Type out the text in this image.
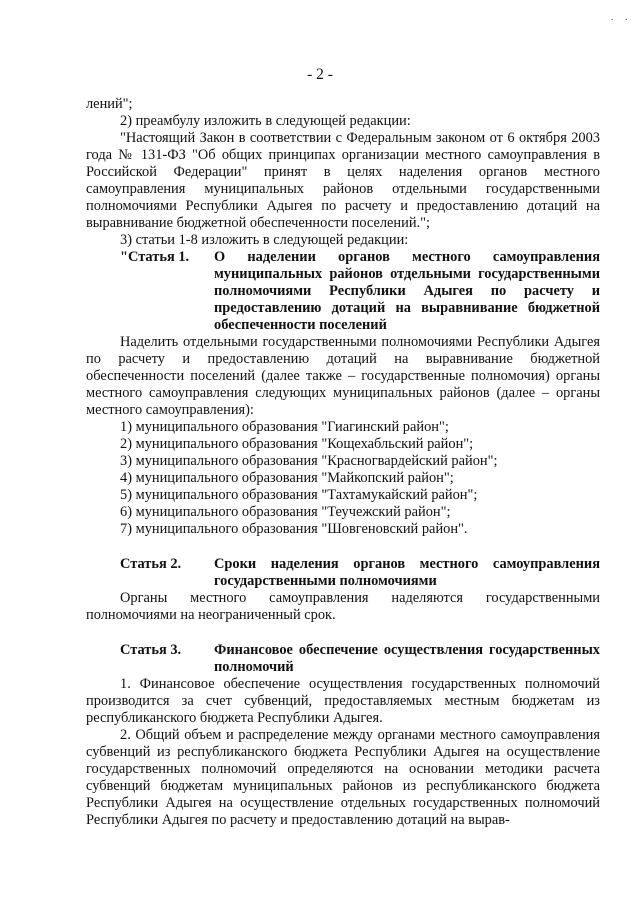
· ·
- 2 -

лений";

2) преамбулу изложить в следующей редакции:

"Настоящий Закон в соответствии с Федеральным законом от 6 октября 2003 года № 131-ФЗ "Об общих принципах организации местного самоуправления в Российской Федерации" принят в целях наделения органов местного самоуправления муниципальных районов отдельными государственными полномочиями Республики Адыгея по расчету и предоставлению дотаций на выравнивание бюджетной обеспеченности поселений.";

3) статьи 1-8 изложить в следующей редакции:

"Статья 1.	О наделении органов местного самоуправления муниципальных районов отдельными государственными полномочиями Республики Адыгея по расчету и предоставлению дотаций на выравнивание бюджетной обеспеченности поселений

Наделить отдельными государственными полномочиями Республики Адыгея по расчету и предоставлению дотаций на выравнивание бюджетной обеспеченности поселений (далее также – государственные полномочия) органы местного самоуправления следующих муниципальных районов (далее – органы местного самоуправления):

1) муниципального образования "Гиагинский район";

2) муниципального образования "Кощехабльский район";

3) муниципального образования "Красногвардейский район";

4) муниципального образования "Майкопский район";

5) муниципального образования "Тахтамукайский район";

6) муниципального образования "Теучежский район";

7) муниципального образования "Шовгеновский район".

Статья 2.	Сроки наделения органов местного самоуправления государственными полномочиями

Органы местного самоуправления наделяются государственными полномочиями на неограниченный срок.

Статья 3.	Финансовое обеспечение осуществления государственных полномочий

1. Финансовое обеспечение осуществления государственных полномочий производится за счет субвенций, предоставляемых местным бюджетам из республиканского бюджета Республики Адыгея.

2. Общий объем и распределение между органами местного самоуправления субвенций из республиканского бюджета Республики Адыгея на осуществление государственных полномочий определяются на основании методики расчета субвенций бюджетам муниципальных районов из республиканского бюджета Республики Адыгея на осуществление отдельных государственных полномочий Республики Адыгея по расчету и предоставлению дотаций на вырав-
